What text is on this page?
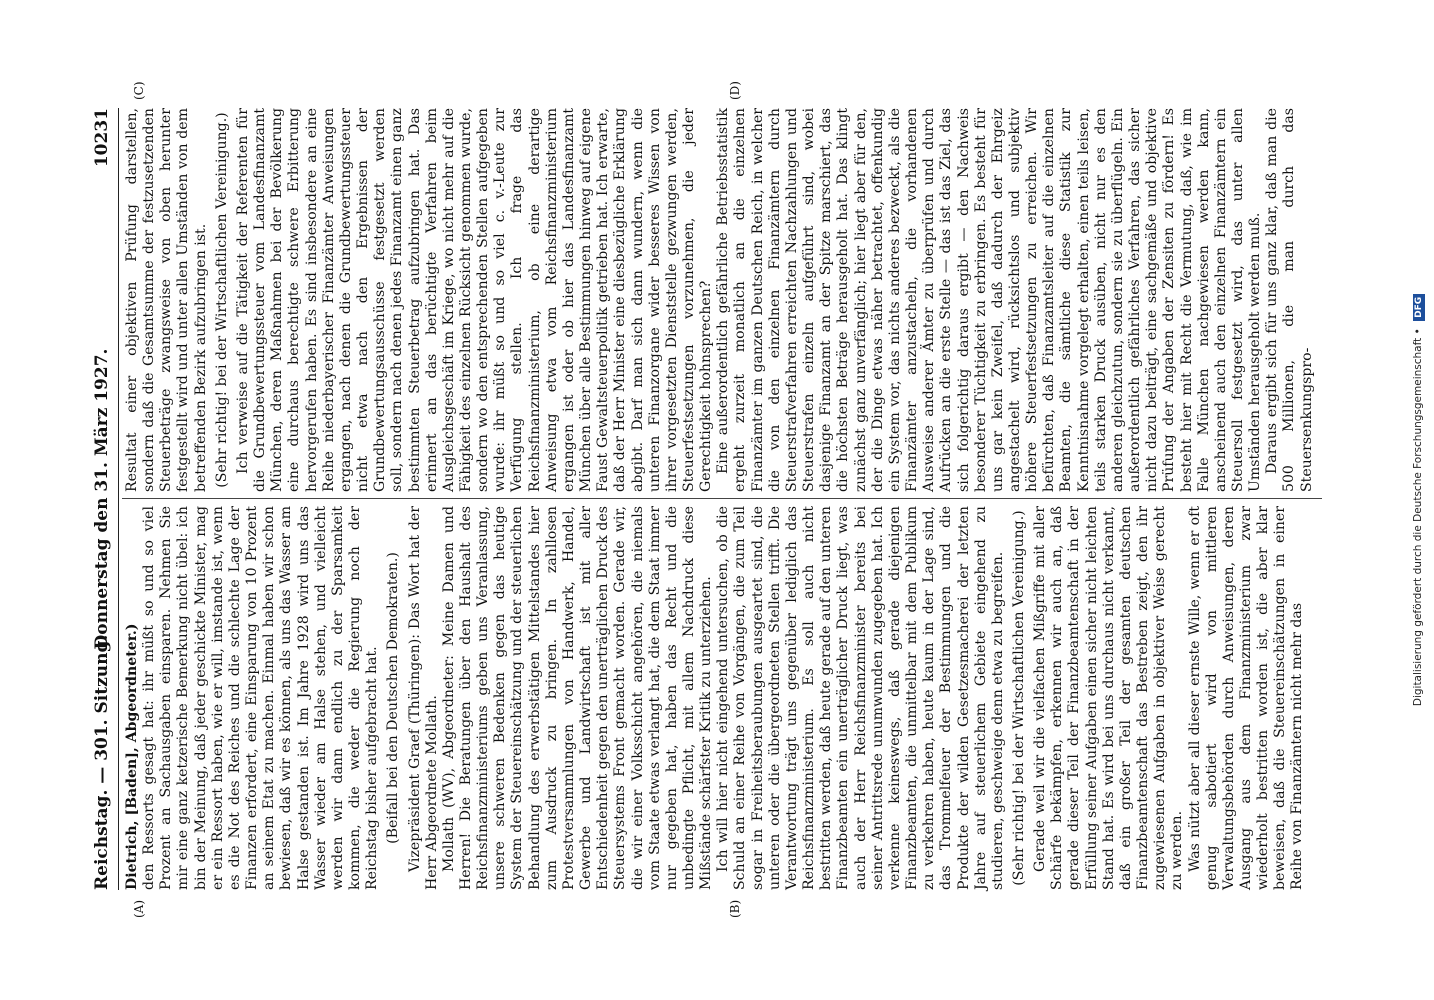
Reichstag. — 301. Sitzung.
Donnerstag den 31. März 1927.
10231
(A)	(B)
(C)	(D)

Dietrich, [Baden], Abgeordneter.) den Ressorts gesagt hat: ihr müßt so und so viel Prozent an Sachausgaben einsparen. Nehmen Sie mir eine ganz ketzerische Bemerkung nicht übel: ich bin der Meinung, daß jeder geschickte Minister, mag er ein Ressort haben, wie er will, imstande ist, wenn es die Not des Reiches und die schlechte Lage der Finanzen erfordert, eine Einsparung von 10 Prozent an seinem Etat zu machen. Einmal haben wir schon bewiesen, daß wir es können, als uns das Wasser am Halse gestanden ist. Im Jahre 1928 wird uns das Wasser wieder am Halse stehen, und vielleicht werden wir dann endlich zu der Sparsamkeit kommen, die weder die Regierung noch der Reichstag bisher aufgebracht hat. (Beifall bei den Deutschen Demokraten.) Vizepräsident Graef (Thüringen): Das Wort hat der Herr Abgeordnete Mollath. Mollath (WV), Abgeordneter: Meine Damen und Herren! Die Beratungen über den Haushalt des Reichsfinanzministeriums geben uns Veranlassung, unsere schweren Bedenken gegen das heutige System der Steuereinschätzung und der steuerlichen Behandlung des erwerbstätigen Mittelstandes hier zum Ausdruck zu bringen. In zahllosen Protestversammlungen von Handwerk, Handel, Gewerbe und Landwirtschaft ist mit aller Entschiedenheit gegen den unerträglichen Druck des Steuersystems Front gemacht worden. Gerade wir, die wir einer Volksschicht angehören, die niemals vom Staate etwas verlangt hat, die dem Staat immer nur gegeben hat, haben das Recht und die unbedingte Pflicht, mit allem Nachdruck diese Mißstände schärfster Kritik zu unterziehen. Ich will hier nicht eingehend untersuchen, ob die Schuld an einer Reihe von Vorgängen, die zum Teil sogar in Freiheitsberaubungen ausgeartet sind, die unteren oder die übergeordneten Stellen trifft. Die Verantwortung trägt uns gegenüber lediglich das Reichsfinanzministerium. Es soll auch nicht bestritten werden, daß heute gerade auf den unteren Finanzbeamten ein unerträglicher Druck liegt, was auch der Herr Reichsfinanzminister bereits bei seiner Antrittsrede unumwunden zugegeben hat. Ich verkenne keineswegs, daß gerade diejenigen Finanzbeamten, die unmittelbar mit dem Publikum zu verkehren haben, heute kaum in der Lage sind, das Trommelfeuer der Bestimmungen und die Produkte der wilden Gesetzesmacherei der letzten Jahre auf steuerlichem Gebiete eingehend zu studieren, geschweige denn etwa zu begreifen. (Sehr richtig! bei der Wirtschaftlichen Vereinigung.) Gerade weil wir die vielfachen Mißgriffe mit aller Schärfe bekämpfen, erkennen wir auch an, daß gerade dieser Teil der Finanzbeamtenschaft in der Erfüllung seiner Aufgaben einen sicher nicht leichten Stand hat. Es wird bei uns durchaus nicht verkannt, daß ein großer Teil der gesamten deutschen Finanzbeamtenschaft das Bestreben zeigt, den ihr zugewiesenen Aufgaben in objektiver Weise gerecht zu werden. Was nützt aber all dieser ernste Wille, wenn er oft genug sabotiert wird von mittleren Verwaltungsbehörden durch Anweisungen, deren Ausgang aus dem Finanzministerium zwar wiederholt bestritten worden ist, die aber klar beweisen, daß die Steuereinschätzungen in einer Reihe von Finanzämtern nicht mehr das

Resultat einer objektiven Prüfung darstellen, sondern daß die Gesamtsumme der festzusetzenden Steuerbeträge zwangsweise von oben herunter festgestellt wird und unter allen Umständen von dem betreffenden Bezirk aufzubringen ist. (Sehr richtig! bei der Wirtschaftlichen Vereinigung.) Ich verweise auf die Tätigkeit der Referenten für die Grundbewertungssteuer vom Landesfinanzamt München, deren Maßnahmen bei der Bevölkerung eine durchaus berechtigte schwere Erbitterung hervorgerufen haben. Es sind insbesondere an eine Reihe niederbayerischer Finanzämter Anweisungen ergangen, nach denen die Grundbewertungssteuer nicht etwa nach den Ergebnissen der Grundbewertungsausschüsse festgesetzt werden soll, sondern nach denen jedes Finanzamt einen ganz bestimmten Steuerbetrag aufzubringen hat. Das erinnert an das berüchtigte Verfahren beim Ausgleichsgeschäft im Kriege, wo nicht mehr auf die Fähigkeit des einzelnen Rücksicht genommen wurde, sondern wo den entsprechenden Stellen aufgegeben wurde: ihr müßt so und so viel c. v.-Leute zur Verfügung stellen. Ich frage das Reichsfinanzministerium, ob eine derartige Anweisung etwa vom Reichsfinanzministerium ergangen ist oder ob hier das Landesfinanzamt München über alle Bestimmungen hinweg auf eigene Faust Gewaltsteuerpolitik getrieben hat. Ich erwarte, daß der Herr Minister eine diesbezügliche Erklärung abgibt. Darf man sich dann wundern, wenn die unteren Finanzorgane wider besseres Wissen von ihrer vorgesetzten Dienststelle gezwungen werden, Steuerfestsetzungen vorzunehmen, die jeder Gerechtigkeit hohnsprechen? Eine außerordentlich gefährliche Betriebsstatistik ergeht zurzeit monatlich an die einzelnen Finanzämter im ganzen Deutschen Reich, in welcher die von den einzelnen Finanzämtern durch Steuerstrafverfahren erreichten Nachzahlungen und Steuerstrafen einzeln aufgeführt sind, wobei dasjenige Finanzamt an der Spitze marschiert, das die höchsten Beträge herausgeholt hat. Das klingt zunächst ganz unverfänglich; hier liegt aber für den, der die Dinge etwas näher betrachtet, offenkundig ein System vor, das nichts anderes bezweckt, als die Finanzämter anzustacheln, die vorhandenen Ausweise anderer Ämter zu überprüfen und durch Aufrücken an die erste Stelle — das ist das Ziel, das sich folgerichtig daraus ergibt — den Nachweis besonderer Tüchtigkeit zu erbringen. Es besteht für uns gar kein Zweifel, daß dadurch der Ehrgeiz angestachelt wird, rücksichtslos und subjektiv höhere Steuerfestsetzungen zu erreichen. Wir befürchten, daß Finanzamtsleiter auf die einzelnen Beamten, die sämtliche diese Statistik zur Kenntnisnahme vorgelegt erhalten, einen teils leisen, teils starken Druck ausüben, nicht nur es den anderen gleichzutun, sondern sie zu überflügeln. Ein außerordentlich gefährliches Verfahren, das sicher nicht dazu beiträgt, eine sachgemäße und objektive Prüfung der Angaben der Zensiten zu fördern! Es besteht hier mit Recht die Vermutung, daß, wie im Falle München nachgewiesen werden kann, anscheinend auch den einzelnen Finanzämtern ein Steuersoll festgesetzt wird, das unter allen Umständen herausgeholt werden muß. Daraus ergibt sich für uns ganz klar, daß man die 500 Millionen, die man durch das Steuersenkungspro-	Digitalisierung gefördert durch die Deutsche Forschungsgemeinschaft • DFG
